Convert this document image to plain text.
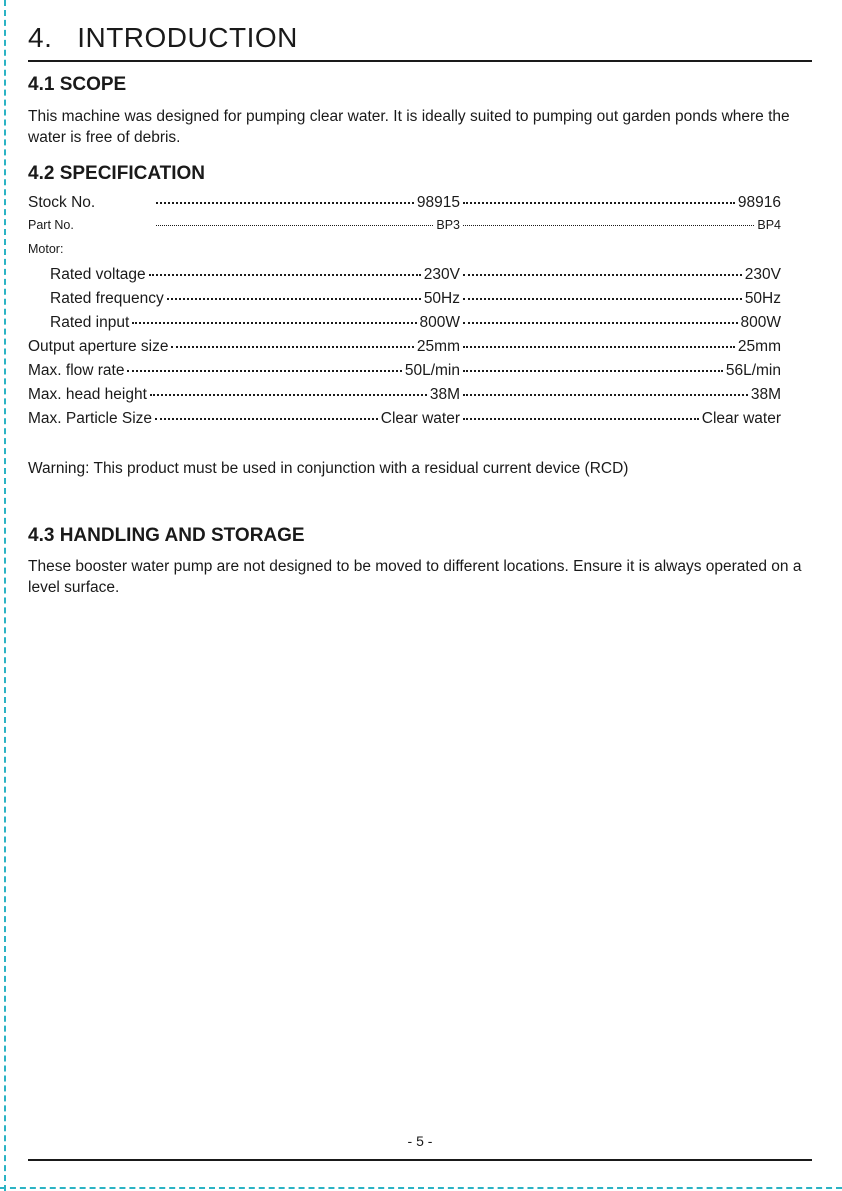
4. INTRODUCTION
4.1 SCOPE

This machine was designed for pumping clear water. It is ideally suited to pumping out garden ponds where the water is free of debris.

4.2 SPECIFICATION
Stock No.	98915	98916
Part No.	BP3	BP4
Motor:
Rated voltage	230V	230V
Rated frequency	50Hz	50Hz
Rated input	800W	800W
Output aperture size	25mm	25mm
Max. flow rate	50L/min	56L/min
Max. head height	38M	38M
Max. Particle Size	Clear water	Clear water

Warning: This product must be used in conjunction with a residual current device (RCD)

4.3 HANDLING AND STORAGE

These booster water pump are not designed to be moved to different locations. Ensure it is always operated on a level surface.

- 5 -
